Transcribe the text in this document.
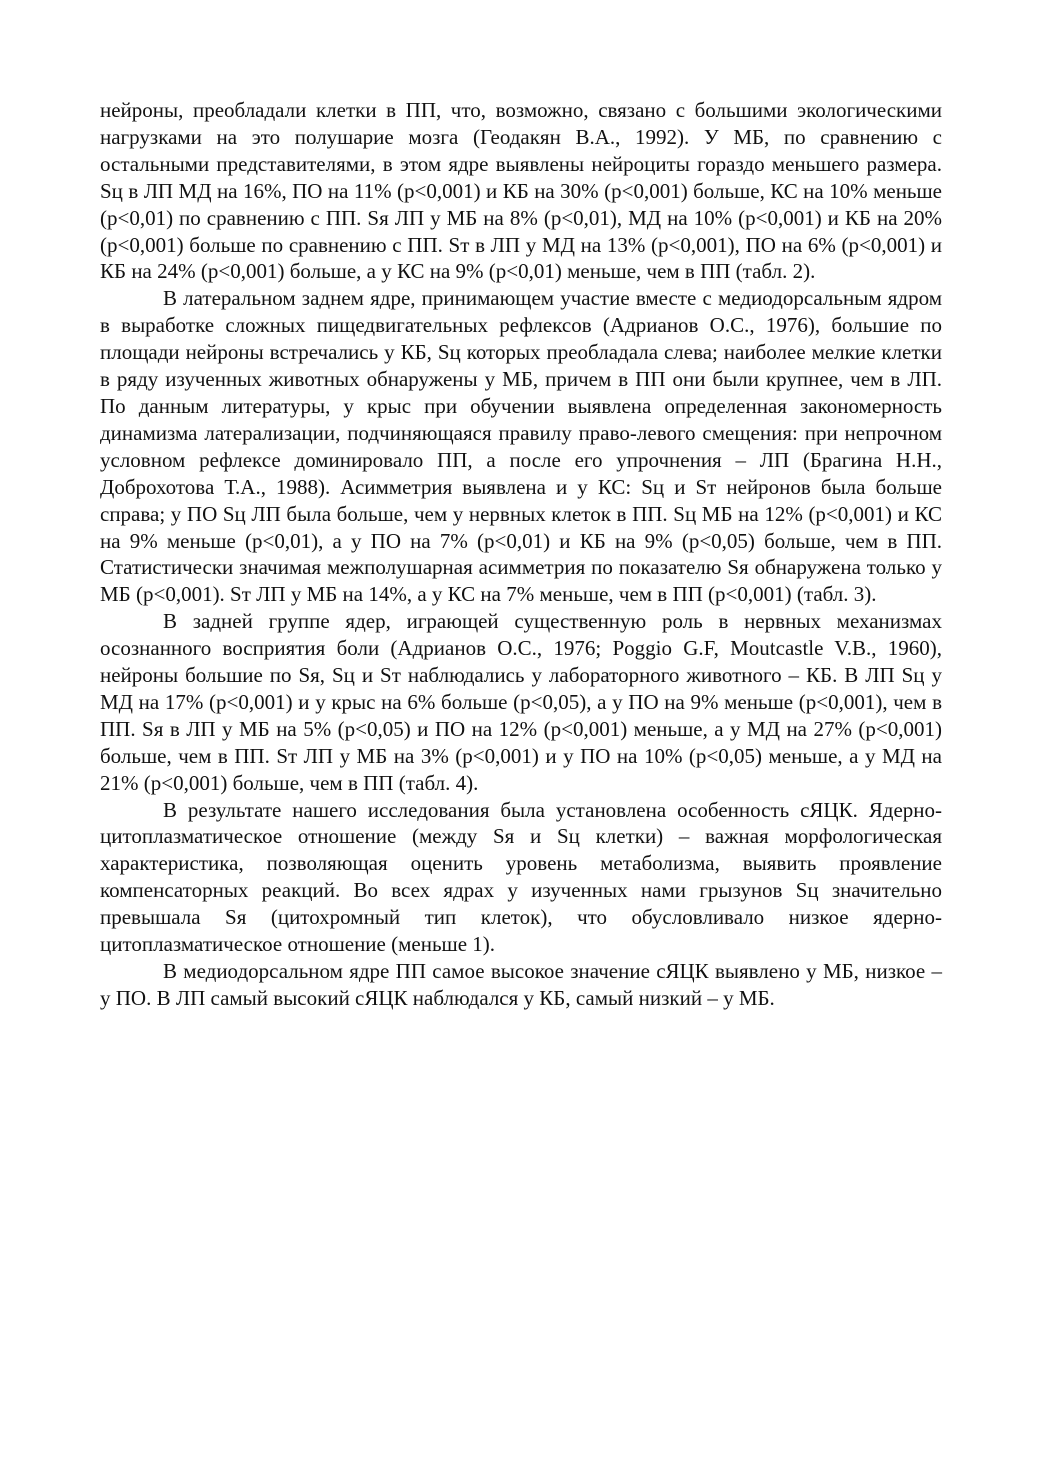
нейроны, преобладали клетки в ПП, что, возможно, связано с большими экологическими нагрузками на это полушарие мозга (Геодакян В.А., 1992). У МБ, по сравнению с остальными представителями, в этом ядре выявлены нейроциты гораздо меньшего размера. Sц в ЛП МД на 16%, ПО на 11% (р<0,001) и КБ на 30% (р<0,001) больше, КС на 10% меньше (р<0,01) по сравнению с ПП. Sя ЛП у МБ на 8% (р<0,01), МД на 10% (р<0,001) и КБ на 20% (р<0,001) больше по сравнению с ПП. Sт в ЛП у МД на 13% (р<0,001), ПО на 6% (р<0,001) и КБ на 24% (р<0,001) больше, а у КС на 9% (р<0,01) меньше, чем в ПП (табл. 2).

В латеральном заднем ядре, принимающем участие вместе с медиодорсальным ядром в выработке сложных пищедвигательных рефлексов (Адрианов О.С., 1976), большие по площади нейроны встречались у КБ, Sц которых преобладала слева; наиболее мелкие клетки в ряду изученных животных обнаружены у МБ, причем в ПП они были крупнее, чем в ЛП. По данным литературы, у крыс при обучении выявлена определенная закономерность динамизма латерализации, подчиняющаяся правилу право-левого смещения: при непрочном условном рефлексе доминировало ПП, а после его упрочнения – ЛП (Брагина Н.Н., Доброхотова Т.А., 1988). Асимметрия выявлена и у КС: Sц и Sт нейронов была больше справа; у ПО Sц ЛП была больше, чем у нервных клеток в ПП. Sц МБ на 12% (р<0,001) и КС на 9% меньше (р<0,01), а у ПО на 7% (р<0,01) и КБ на 9% (р<0,05) больше, чем в ПП. Статистически значимая межполушарная асимметрия по показателю Sя обнаружена только у МБ (р<0,001). Sт ЛП у МБ на 14%, а у КС на 7% меньше, чем в ПП (р<0,001) (табл. 3).

В задней группе ядер, играющей существенную роль в нервных механизмах осознанного восприятия боли (Адрианов О.С., 1976; Poggio G.F, Moutcastle V.B., 1960), нейроны большие по Sя, Sц и Sт наблюдались у лабораторного животного – КБ. В ЛП Sц у МД на 17% (р<0,001) и у крыс на 6% больше (р<0,05), а у ПО на 9% меньше (р<0,001), чем в ПП. Sя в ЛП у МБ на 5% (р<0,05) и ПО на 12% (р<0,001) меньше, а у МД на 27% (р<0,001) больше, чем в ПП. Sт ЛП у МБ на 3% (р<0,001) и у ПО на 10% (р<0,05) меньше, а у МД на 21% (р<0,001) больше, чем в ПП (табл. 4).

В результате нашего исследования была установлена особенность сЯЦК. Ядерно-цитоплазматическое отношение (между Sя и Sц клетки) – важная морфологическая характеристика, позволяющая оценить уровень метаболизма, выявить проявление компенсаторных реакций. Во всех ядрах у изученных нами грызунов Sц значительно превышала Sя (цитохромный тип клеток), что обусловливало низкое ядерно-цитоплазматическое отношение (меньше 1).

В медиодорсальном ядре ПП самое высокое значение сЯЦК выявлено у МБ, низкое – у ПО. В ЛП самый высокий сЯЦК наблюдался у КБ, самый низкий – у МБ.
